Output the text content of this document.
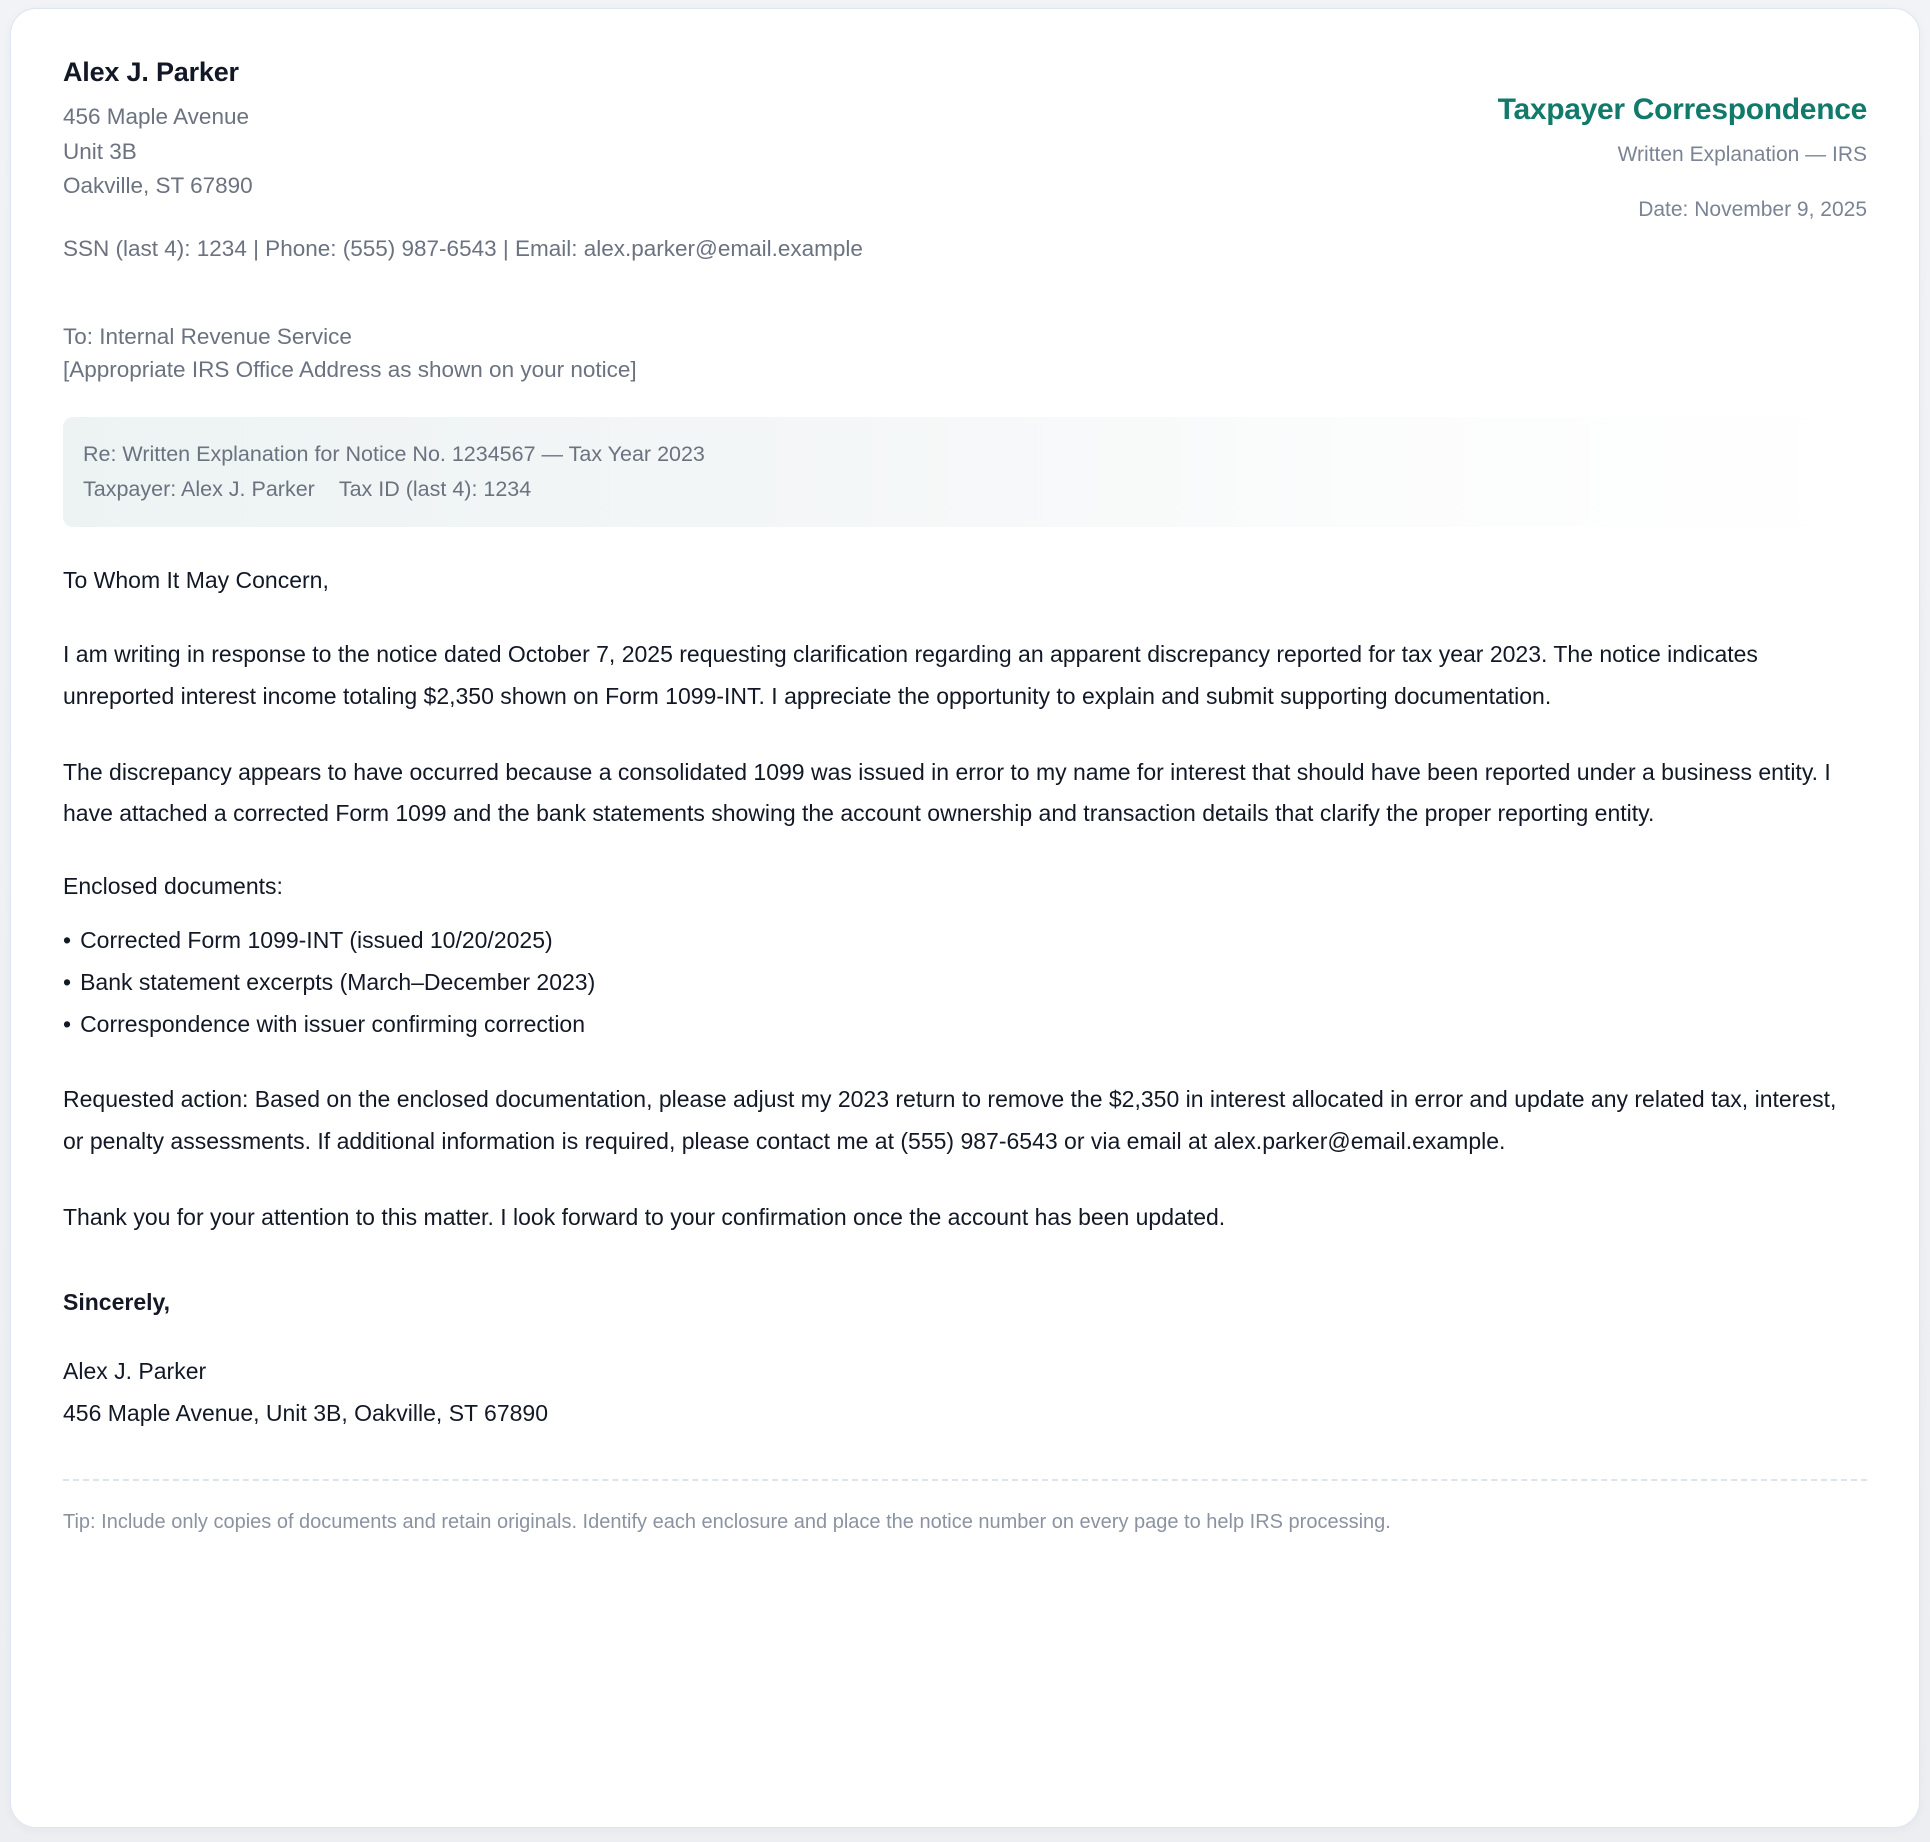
Alex J. Parker
456 Maple Avenue
Unit 3B
Oakville, ST 67890
SSN (last 4): 1234 | Phone: (555) 987-6543 | Email: alex.parker@email.example
Taxpayer Correspondence
Written Explanation — IRS
Date: November 9, 2025
To: Internal Revenue Service
[Appropriate IRS Office Address as shown on your notice]
Re: Written Explanation for Notice No. 1234567 — Tax Year 2023
Taxpayer: Alex J. Parker Tax ID (last 4): 1234

To Whom It May Concern,

I am writing in response to the notice dated October 7, 2025 requesting clarification regarding an apparent discrepancy reported for tax year 2023. The notice indicates unreported interest income totaling $2,350 shown on Form 1099-INT. I appreciate the opportunity to explain and submit supporting documentation.

The discrepancy appears to have occurred because a consolidated 1099 was issued in error to my name for interest that should have been reported under a business entity. I have attached a corrected Form 1099 and the bank statements showing the account ownership and transaction details that clarify the proper reporting entity.

Enclosed documents:

• Corrected Form 1099-INT (issued 10/20/2025)
• Bank statement excerpts (March–December 2023)
• Correspondence with issuer confirming correction

Requested action: Based on the enclosed documentation, please adjust my 2023 return to remove the $2,350 in interest allocated in error and update any related tax, interest, or penalty assessments. If additional information is required, please contact me at (555) 987-6543 or via email at alex.parker@email.example.

Thank you for your attention to this matter. I look forward to your confirmation once the account has been updated.

Sincerely,

Alex J. Parker
456 Maple Avenue, Unit 3B, Oakville, ST 67890
Tip: Include only copies of documents and retain originals. Identify each enclosure and place the notice number on every page to help IRS processing.
